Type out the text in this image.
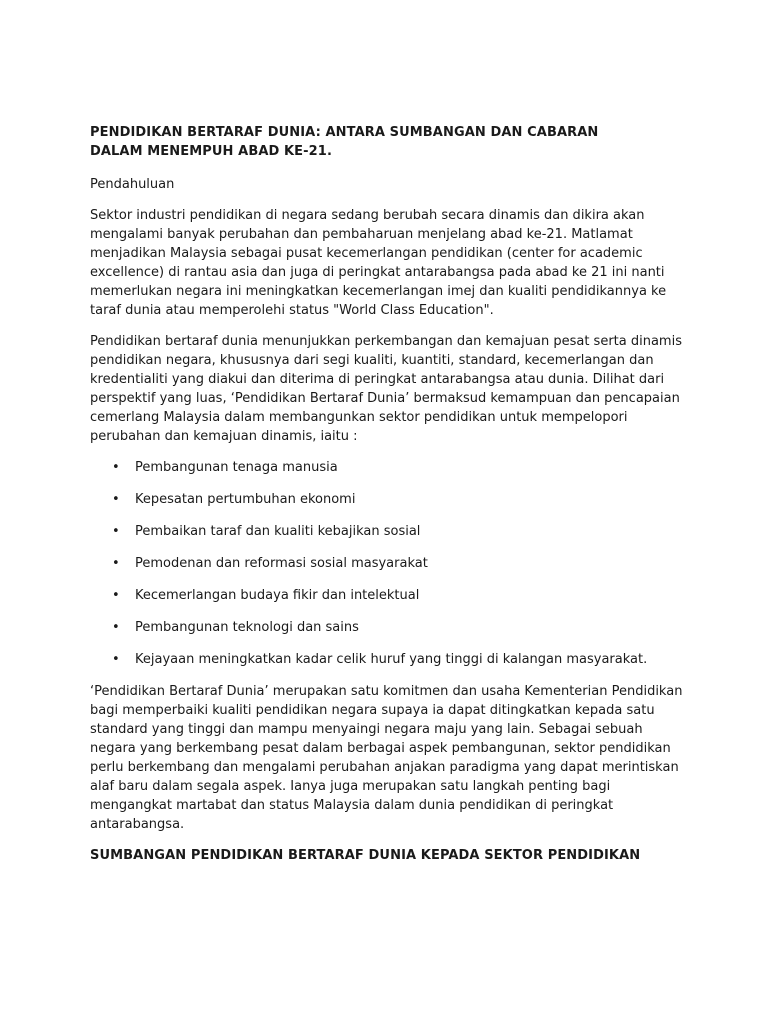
PENDIDIKAN BERTARAF DUNIA: ANTARA SUMBANGAN DAN CABARAN
DALAM MENEMPUH ABAD KE-21.
Pendahuluan

Sektor industri pendidikan di negara sedang berubah secara dinamis dan dikira akan mengalami banyak perubahan dan pembaharuan menjelang abad ke-21. Matlamat menjadikan Malaysia sebagai pusat kecemerlangan pendidikan (center for academic excellence) di rantau asia dan juga di peringkat antarabangsa pada abad ke 21 ini nanti memerlukan negara ini meningkatkan kecemerlangan imej dan kualiti pendidikannya ke taraf dunia atau memperolehi status "World Class Education".

Pendidikan bertaraf dunia menunjukkan perkembangan dan kemajuan pesat serta dinamis pendidikan negara, khususnya dari segi kualiti, kuantiti, standard, kecemerlangan dan kredentialiti yang diakui dan diterima di peringkat antarabangsa atau dunia. Dilihat dari perspektif yang luas, ‘Pendidikan Bertaraf Dunia’ bermaksud kemampuan dan pencapaian cemerlang Malaysia dalam membangunkan sektor pendidikan untuk mempelopori perubahan dan kemajuan dinamis, iaitu :

• Pembangunan tenaga manusia
• Kepesatan pertumbuhan ekonomi
• Pembaikan taraf dan kualiti kebajikan sosial
• Pemodenan dan reformasi sosial masyarakat
• Kecemerlangan budaya fikir dan intelektual
• Pembangunan teknologi dan sains
• Kejayaan meningkatkan kadar celik huruf yang tinggi di kalangan masyarakat.

‘Pendidikan Bertaraf Dunia’ merupakan satu komitmen dan usaha Kementerian Pendidikan bagi memperbaiki kualiti pendidikan negara supaya ia dapat ditingkatkan kepada satu standard yang tinggi dan mampu menyaingi negara maju yang lain. Sebagai sebuah negara yang berkembang pesat dalam berbagai aspek pembangunan, sektor pendidikan perlu berkembang dan mengalami perubahan anjakan paradigma yang dapat merintiskan alaf baru dalam segala aspek. Ianya juga merupakan satu langkah penting bagi mengangkat martabat dan status Malaysia dalam dunia pendidikan di peringkat antarabangsa.

SUMBANGAN PENDIDIKAN BERTARAF DUNIA KEPADA SEKTOR PENDIDIKAN
